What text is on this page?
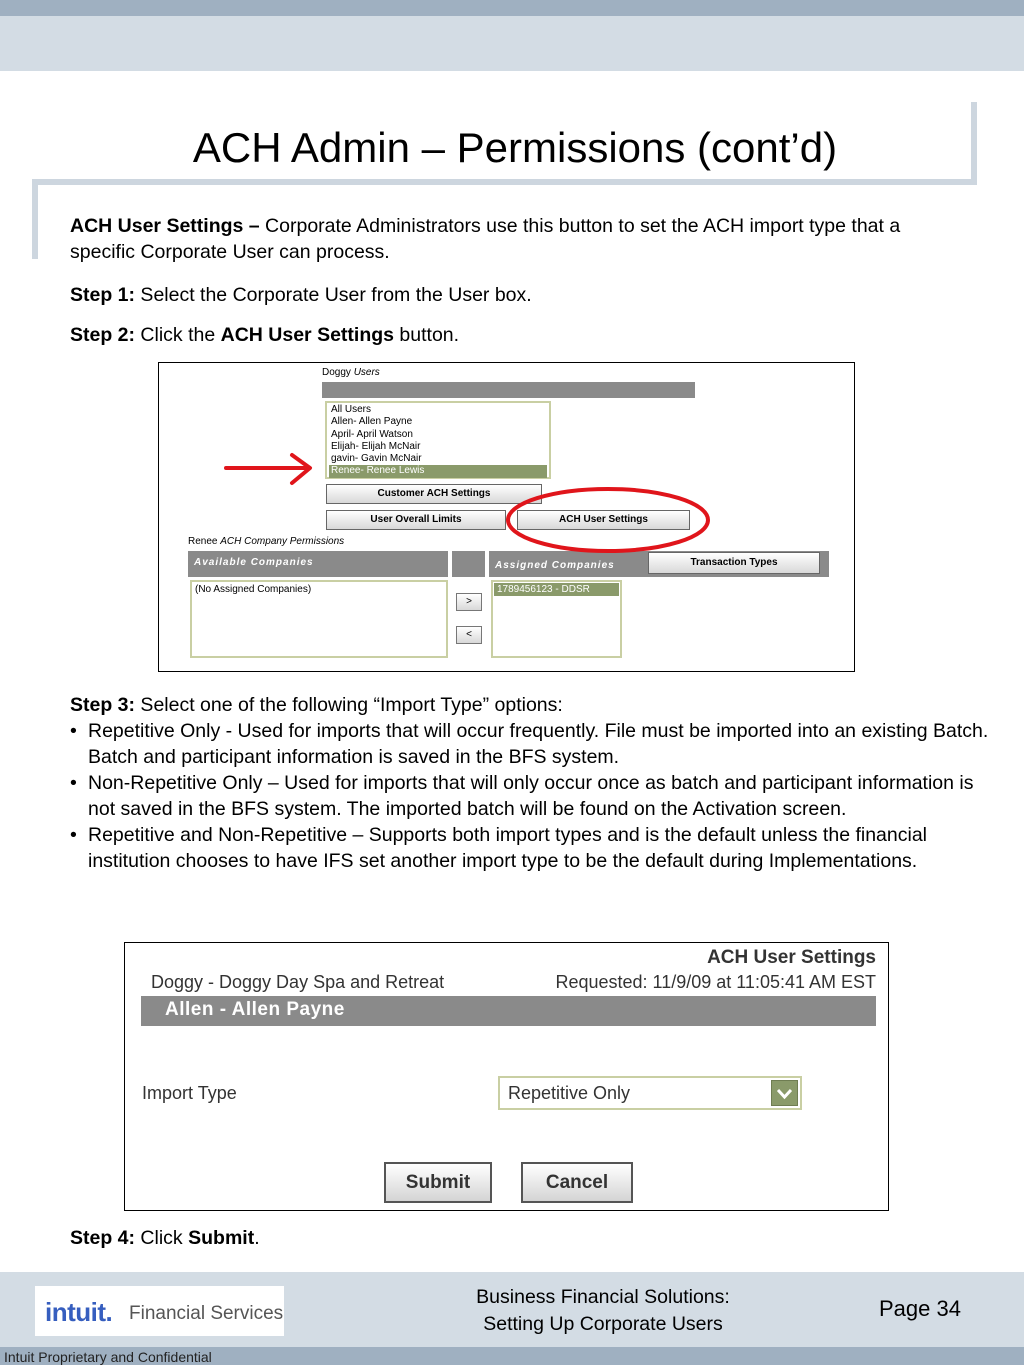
ACH Admin – Permissions (cont’d)
ACH User Settings – Corporate Administrators use this button to set the ACH import type that a specific Corporate User can process.
Step 1: Select the Corporate User from the User box.
Step 2: Click the ACH User Settings button.
Doggy Users
All Users
Allen- Allen Payne
April- April Watson
Elijah- Elijah McNair
gavin- Gavin McNair
Renee- Renee Lewis
Customer ACH Settings
User Overall Limits	ACH User Settings
Renee ACH Company Permissions
Available Companies	Assigned Companies	Transaction Types
(No Assigned Companies)
>
<
1789456123 - DDSR
Step 3: Select one of the following “Import Type” options:
• Repetitive Only - Used for imports that will occur frequently. File must be imported into an existing Batch. Batch and participant information is saved in the BFS system.
• Non-Repetitive Only – Used for imports that will only occur once as batch and participant information is not saved in the BFS system. The imported batch will be found on the Activation screen.
• Repetitive and Non-Repetitive – Supports both import types and is the default unless the financial institution chooses to have IFS set another import type to be the default during Implementations.
ACH User Settings
Doggy - Doggy Day Spa and Retreat	Requested: 11/9/09 at 11:05:41 AM EST
Allen - Allen Payne
Import Type	Repetitive Only
Submit	Cancel
Step 4: Click Submit.
intuit. Financial Services
Business Financial Solutions:
Setting Up Corporate Users
Page 34
Intuit Proprietary and Confidential
